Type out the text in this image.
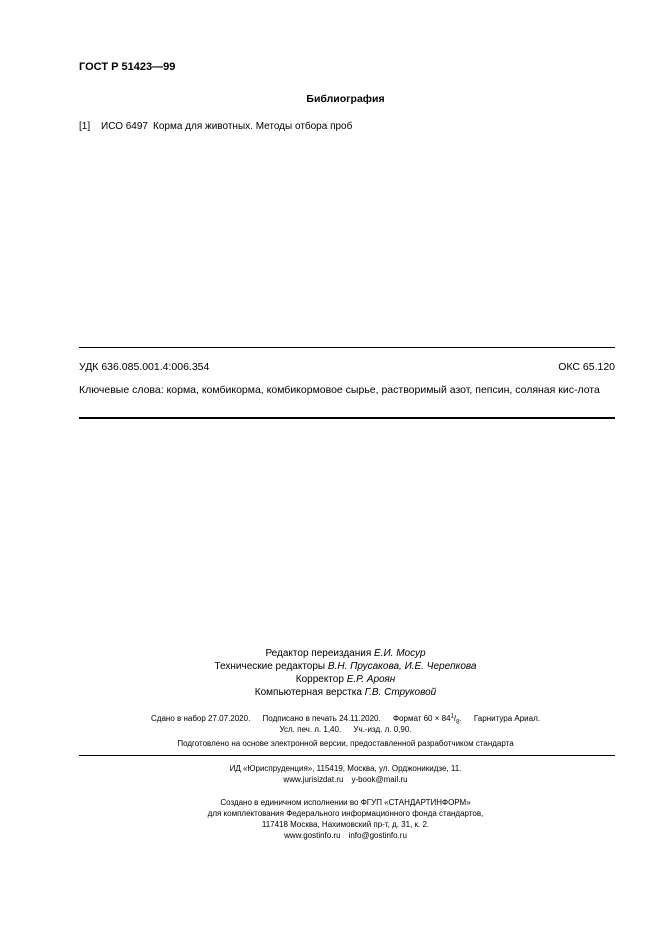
ГОСТ Р 51423—99
Библиография
[1] ИСО 6497 Корма для животных. Методы отбора проб
УДК 636.085.001.4:006.354	ОКС 65.120
Ключевые слова: корма, комбикорма, комбикормовое сырье, растворимый азот, пепсин, соляная кис-лота
Редактор переиздания Е.И. Мосур
Технические редакторы В.Н. Прусакова, И.Е. Черепкова
Корректор Е.Р. Ароян
Компьютерная верстка Г.В. Струковой
Сдано в набор 27.07.2020. Подписано в печать 24.11.2020. Формат $60 \times 84^1/_8$. Гарнитура Ариал.
Усл. печ. л. 1,40. Уч.-изд. л. 0,90.
Подготовлено на основе электронной версии, предоставленной разработчиком стандарта
ИД «Юриспруденция», 115419, Москва, ул. Орджоникидзе, 11.
www.jurisizdat.ru y-book@mail.ru
Создано в единичном исполнении во ФГУП «СТАНДАРТИНФОРМ»
для комплектования Федерального информационного фонда стандартов,
117418 Москва, Нахимовский пр-т, д. 31, к. 2.
www.gostinfo.ru info@gostinfo.ru
